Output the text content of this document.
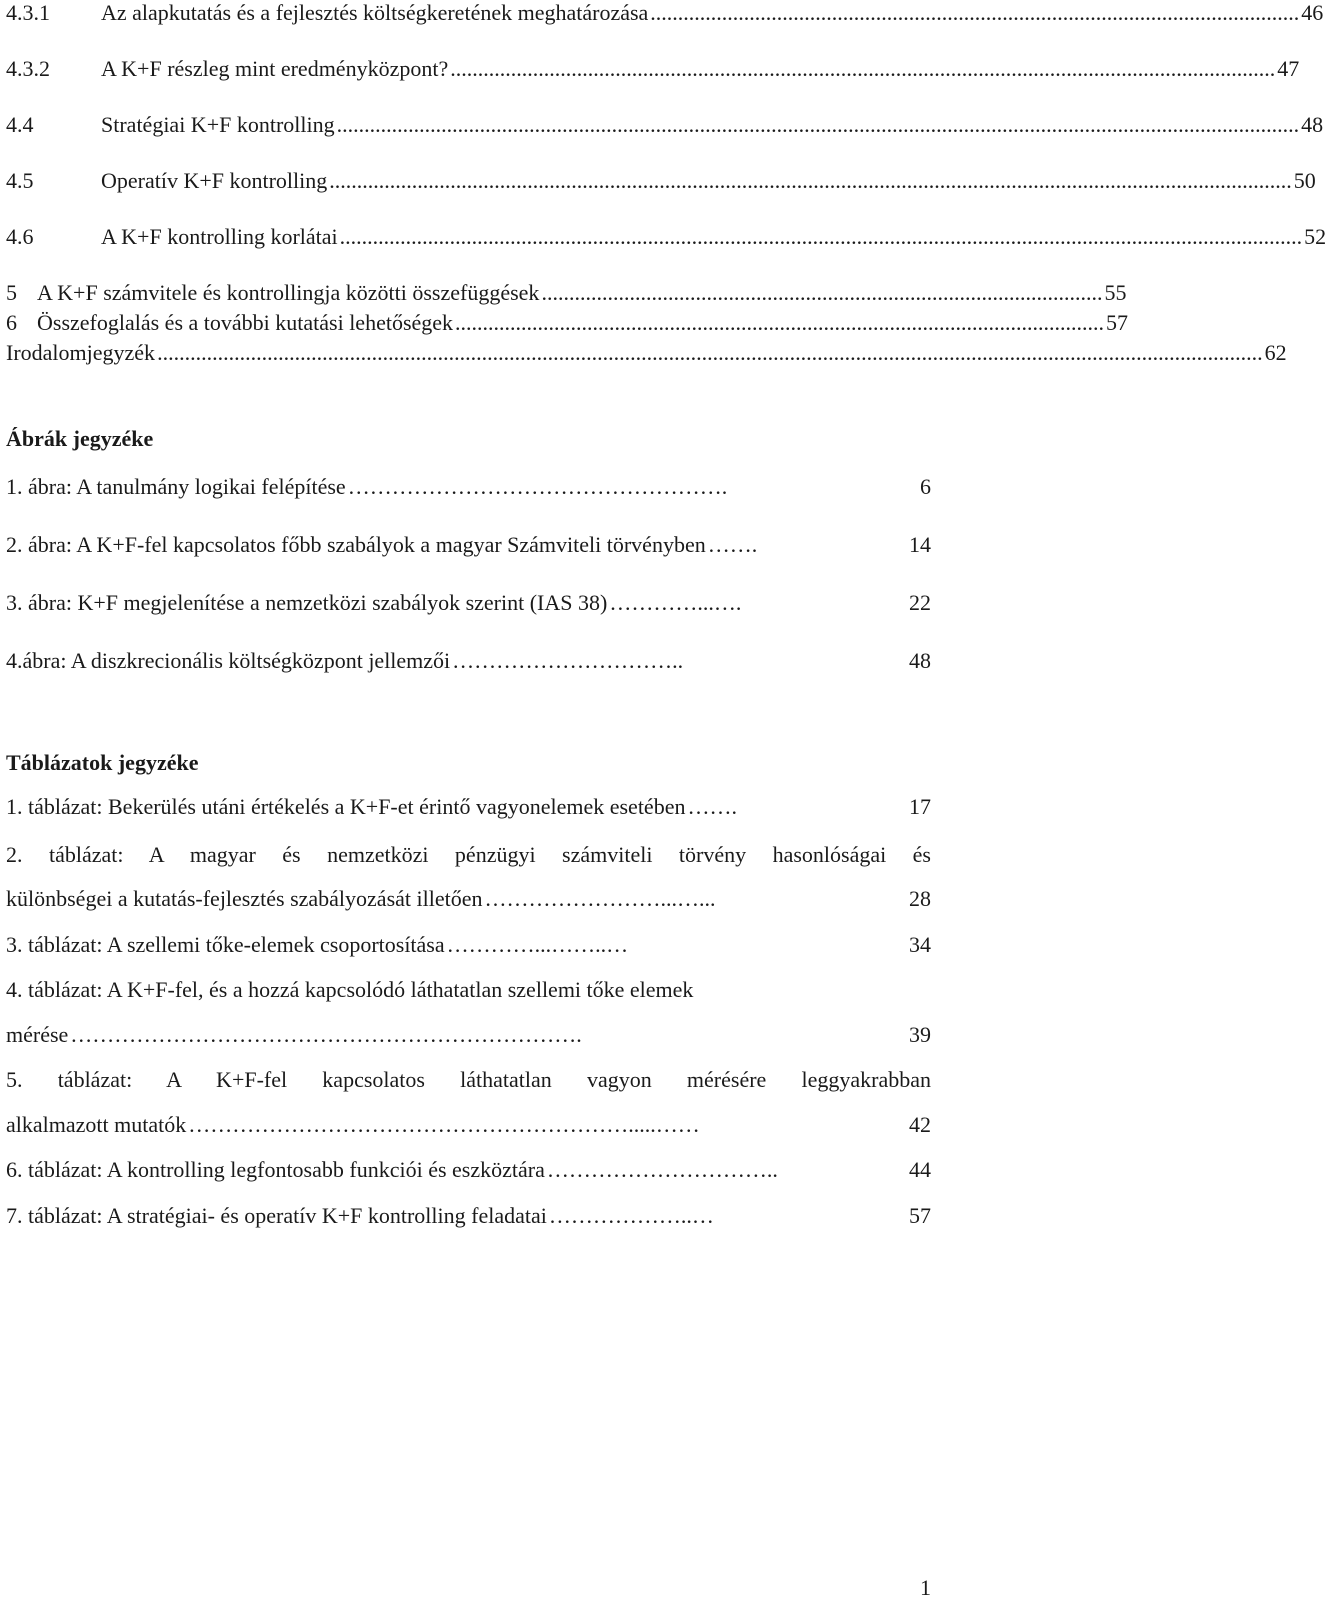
4.3.1	Az alapkutatás és a fejlesztés költségkeretének meghatározása ...................................................................................................................... 46
4.3.2	A K+F részleg mint eredményközpont? ...................................................................................................................................................... 47
4.4	Stratégiai K+F kontrolling ............................................................................................................................................................................... 48
4.5	Operatív K+F kontrolling ............................................................................................................................................................................... 50
4.6	A K+F kontrolling korlátai ............................................................................................................................................................................... 52
5 A K+F számvitele és kontrollingja közötti összefüggések ...................................................................................................... 55
6 Összefoglalás és a további kutatási lehetőségek ...................................................................................................................... 57
Irodalomjegyzék ......................................................................................................................................................................................................... 62
Ábrák jegyzéke
1. ábra: A tanulmány logikai felépítése …………………………………………….	6
2. ábra: A K+F-fel kapcsolatos főbb szabályok a magyar Számviteli törvényben …….	14
3. ábra: K+F megjelenítése a nemzetközi szabályok szerint (IAS 38) …………...….	22
4.ábra: A diszkrecionális költségközpont jellemzői …………………………..	48
Táblázatok jegyzéke
1. táblázat: Bekerülés utáni értékelés a K+F-et érintő vagyonelemek esetében …….	17
2. táblázat: A magyar és nemzetközi pénzügyi számviteli törvény hasonlóságai és
különbségei a kutatás-fejlesztés szabályozását illetően ……………………...…...	28
3. táblázat: A szellemi tőke-elemek csoportosítása …………...……..…	34
4. táblázat: A K+F-fel, és a hozzá kapcsolódó láthatatlan szellemi tőke elemek
mérése …………………………………………………………….	39
5. táblázat: A K+F-fel kapcsolatos láthatatlan vagyon mérésére leggyakrabban
alkalmazott mutatók …………………………………………………….....……	42
6. táblázat: A kontrolling legfontosabb funkciói és eszköztára …………………………..	44
7. táblázat: A stratégiai- és operatív K+F kontrolling feladatai ………………..…	57
1
